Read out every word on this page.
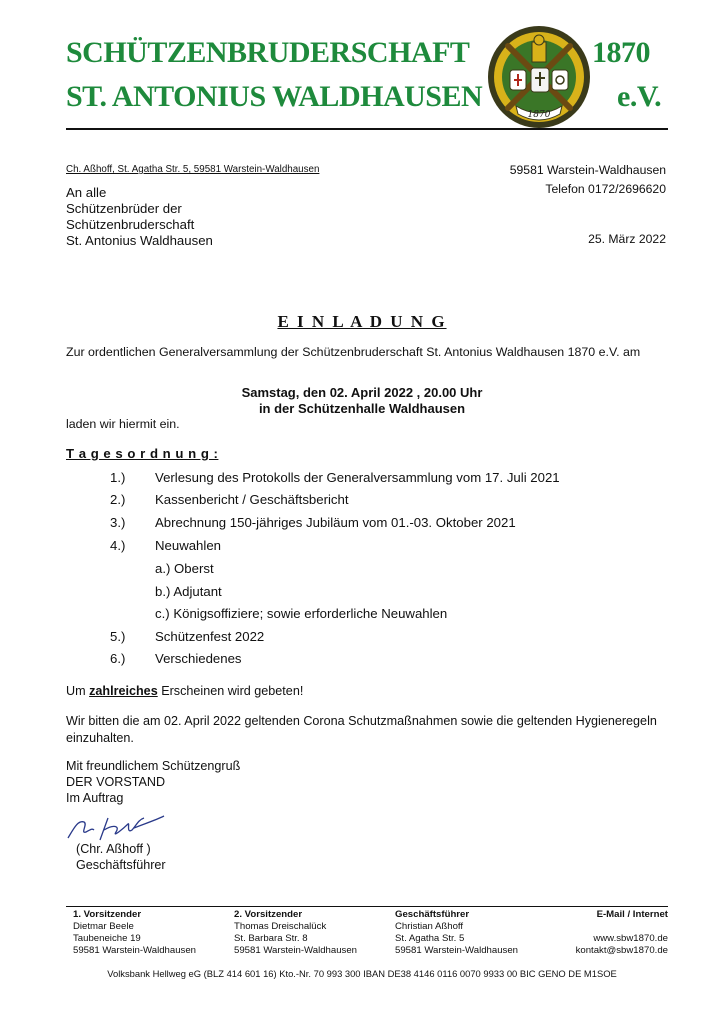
SCHÜTZENBRUDERSCHAFT	1870
ST. ANTONIUS WALDHAUSEN	e.V.
1870
Ch. Aßhoff, St. Agatha Str. 5, 59581 Warstein-Waldhausen
An alle
Schützenbrüder der
Schützenbruderschaft
St. Antonius Waldhausen
59581 Warstein-Waldhausen
Telefon 0172/2696620
25. März 2022
E I N L A D U N G
Zur ordentlichen Generalversammlung der Schützenbruderschaft St. Antonius Waldhausen 1870 e.V. am
Samstag, den 02. April 2022 , 20.00 Uhr
in der Schützenhalle Waldhausen
laden wir hiermit ein.
T a g e s o r d n u n g :
1.) Verlesung des Protokolls der Generalversammlung vom 17. Juli 2021
2.) Kassenbericht / Geschäftsbericht
3.) Abrechnung 150-jähriges Jubiläum vom 01.-03. Oktober 2021
4.) Neuwahlen
a.) Oberst
b.) Adjutant
c.) Königsoffiziere; sowie erforderliche Neuwahlen
5.) Schützenfest 2022
6.) Verschiedenes
Um zahlreiches Erscheinen wird gebeten!
Wir bitten die am 02. April 2022 geltenden Corona Schutzmaßnahmen sowie die geltenden Hygieneregeln einzuhalten.
Mit freundlichem Schützengruß
DER VORSTAND
Im Auftrag
(Chr. Aßhoff )
Geschäftsführer
1. Vorsitzender
Dietmar Beele
Taubeneiche 19
59581 Warstein-Waldhausen
2. Vorsitzender
Thomas Dreischalück
St. Barbara Str. 8
59581 Warstein-Waldhausen
Geschäftsführer
Christian Aßhoff
St. Agatha Str. 5
59581 Warstein-Waldhausen
E-Mail / Internet
www.sbw1870.de
kontakt@sbw1870.de
Volksbank Hellweg eG (BLZ 414 601 16) Kto.-Nr. 70 993 300 IBAN DE38 4146 0116 0070 9933 00 BIC GENO DE M1SOE
